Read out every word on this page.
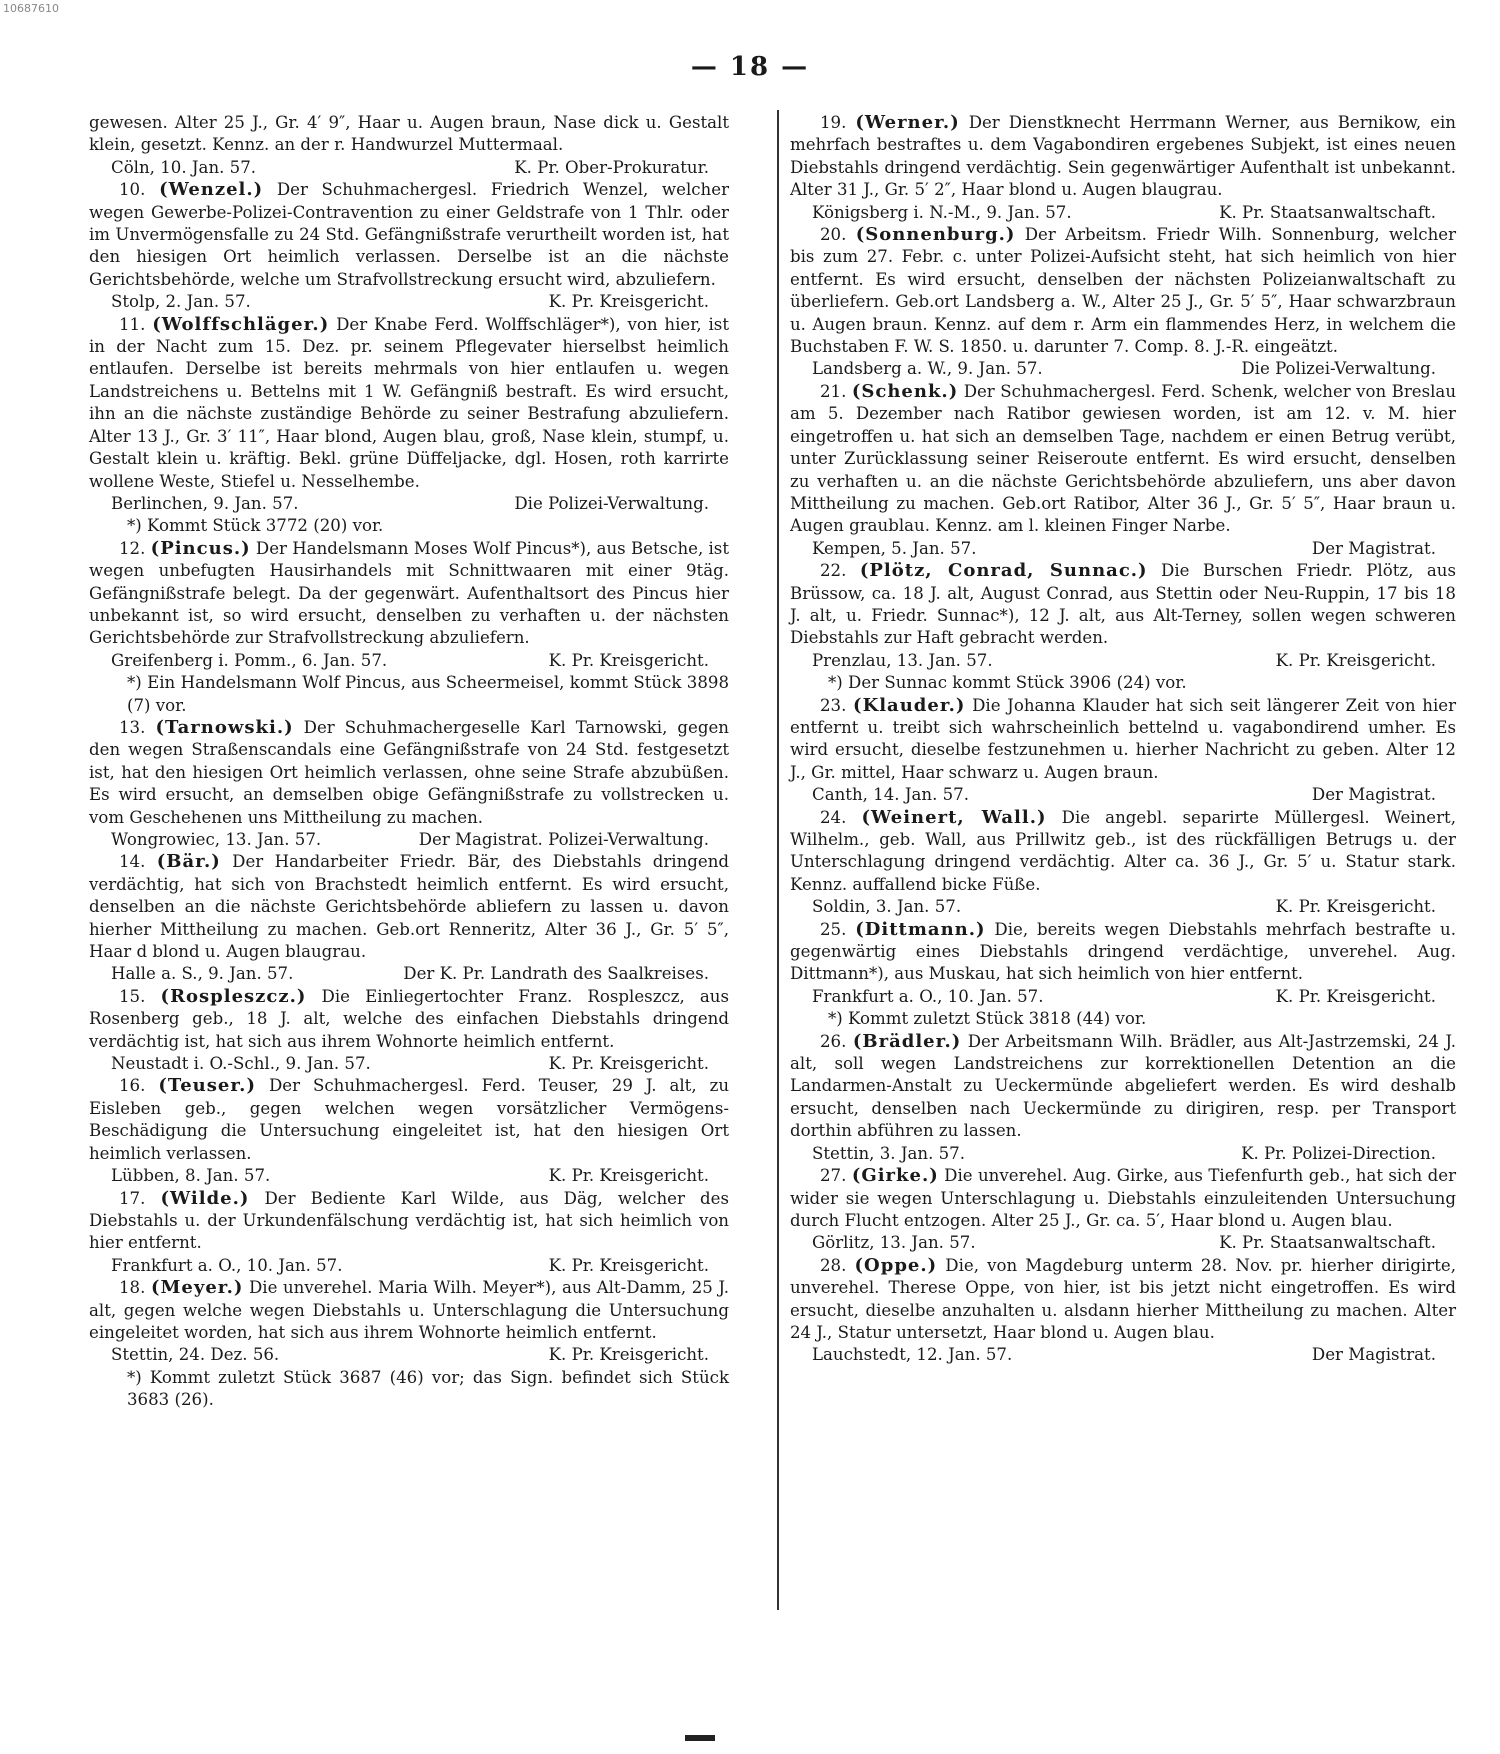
10687610
— 18 —

gewesen. Alter 25 J., Gr. 4′ 9″, Haar u. Augen braun, Nase dick u. Gestalt klein, gesetzt. Kennz. an der r. Handwurzel Muttermaal.

Cöln, 10. Jan. 57.	K. Pr. Ober-Prokuratur.

10. (Wenzel.) Der Schuhmachergesl. Friedrich Wenzel, welcher wegen Gewerbe-Polizei-Contravention zu einer Geldstrafe von 1 Thlr. oder im Unvermögensfalle zu 24 Std. Gefängnißstrafe verurtheilt worden ist, hat den hiesigen Ort heimlich verlassen. Derselbe ist an die nächste Gerichtsbehörde, welche um Strafvollstreckung ersucht wird, abzuliefern.

Stolp, 2. Jan. 57.	K. Pr. Kreisgericht.

11. (Wolffschläger.) Der Knabe Ferd. Wolffschläger*), von hier, ist in der Nacht zum 15. Dez. pr. seinem Pflegevater hierselbst heimlich entlaufen. Derselbe ist bereits mehrmals von hier entlaufen u. wegen Landstreichens u. Bettelns mit 1 W. Gefängniß bestraft. Es wird ersucht, ihn an die nächste zuständige Behörde zu seiner Bestrafung abzuliefern. Alter 13 J., Gr. 3′ 11″, Haar blond, Augen blau, groß, Nase klein, stumpf, u. Gestalt klein u. kräftig. Bekl. grüne Düffeljacke, dgl. Hosen, roth karrirte wollene Weste, Stiefel u. Nesselhembe.

Berlinchen, 9. Jan. 57.	Die Polizei-Verwaltung.
*) Kommt Stück 3772 (20) vor.

12. (Pincus.) Der Handelsmann Moses Wolf Pincus*), aus Betsche, ist wegen unbefugten Hausirhandels mit Schnittwaaren mit einer 9täg. Gefängnißstrafe belegt. Da der gegenwärt. Aufenthaltsort des Pincus hier unbekannt ist, so wird ersucht, denselben zu verhaften u. der nächsten Gerichtsbehörde zur Strafvollstreckung abzuliefern.

Greifenberg i. Pomm., 6. Jan. 57.	K. Pr. Kreisgericht.
*) Ein Handelsmann Wolf Pincus, aus Scheermeisel, kommt Stück 3898 (7) vor.

13. (Tarnowski.) Der Schuhmachergeselle Karl Tarnowski, gegen den wegen Straßenscandals eine Gefängnißstrafe von 24 Std. festgesetzt ist, hat den hiesigen Ort heimlich verlassen, ohne seine Strafe abzubüßen. Es wird ersucht, an demselben obige Gefängnißstrafe zu vollstrecken u. vom Geschehenen uns Mittheilung zu machen.

Wongrowiec, 13. Jan. 57.	Der Magistrat. Polizei-Verwaltung.

14. (Bär.) Der Handarbeiter Friedr. Bär, des Diebstahls dringend verdächtig, hat sich von Brachstedt heimlich entfernt. Es wird ersucht, denselben an die nächste Gerichtsbehörde abliefern zu lassen u. davon hierher Mittheilung zu machen. Geb.ort Renneritz, Alter 36 J., Gr. 5′ 5″, Haar d blond u. Augen blaugrau.

Halle a. S., 9. Jan. 57.	Der K. Pr. Landrath des Saalkreises.

15. (Rospleszcz.) Die Einliegertochter Franz. Rospleszcz, aus Rosenberg geb., 18 J. alt, welche des einfachen Diebstahls dringend verdächtig ist, hat sich aus ihrem Wohnorte heimlich entfernt.

Neustadt i. O.-Schl., 9. Jan. 57.	K. Pr. Kreisgericht.

16. (Teuser.) Der Schuhmachergesl. Ferd. Teuser, 29 J. alt, zu Eisleben geb., gegen welchen wegen vorsätzlicher Vermögens-Beschädigung die Untersuchung eingeleitet ist, hat den hiesigen Ort heimlich verlassen.

Lübben, 8. Jan. 57.	K. Pr. Kreisgericht.

17. (Wilde.) Der Bediente Karl Wilde, aus Däg, welcher des Diebstahls u. der Urkundenfälschung verdächtig ist, hat sich heimlich von hier entfernt.

Frankfurt a. O., 10. Jan. 57.	K. Pr. Kreisgericht.

18. (Meyer.) Die unverehel. Maria Wilh. Meyer*), aus Alt-Damm, 25 J. alt, gegen welche wegen Diebstahls u. Unterschlagung die Untersuchung eingeleitet worden, hat sich aus ihrem Wohnorte heimlich entfernt.

Stettin, 24. Dez. 56.	K. Pr. Kreisgericht.
*) Kommt zuletzt Stück 3687 (46) vor; das Sign. befindet sich Stück 3683 (26).

19. (Werner.) Der Dienstknecht Herrmann Werner, aus Bernikow, ein mehrfach bestraftes u. dem Vagabondiren ergebenes Subjekt, ist eines neuen Diebstahls dringend verdächtig. Sein gegenwärtiger Aufenthalt ist unbekannt. Alter 31 J., Gr. 5′ 2″, Haar blond u. Augen blaugrau.

Königsberg i. N.-M., 9. Jan. 57.	K. Pr. Staatsanwaltschaft.

20. (Sonnenburg.) Der Arbeitsm. Friedr Wilh. Sonnenburg, welcher bis zum 27. Febr. c. unter Polizei-Aufsicht steht, hat sich heimlich von hier entfernt. Es wird ersucht, denselben der nächsten Polizeianwaltschaft zu überliefern. Geb.ort Landsberg a. W., Alter 25 J., Gr. 5′ 5″, Haar schwarzbraun u. Augen braun. Kennz. auf dem r. Arm ein flammendes Herz, in welchem die Buchstaben F. W. S. 1850. u. darunter 7. Comp. 8. J.-R. eingeätzt.

Landsberg a. W., 9. Jan. 57.	Die Polizei-Verwaltung.

21. (Schenk.) Der Schuhmachergesl. Ferd. Schenk, welcher von Breslau am 5. Dezember nach Ratibor gewiesen worden, ist am 12. v. M. hier eingetroffen u. hat sich an demselben Tage, nachdem er einen Betrug verübt, unter Zurücklassung seiner Reiseroute entfernt. Es wird ersucht, denselben zu verhaften u. an die nächste Gerichtsbehörde abzuliefern, uns aber davon Mittheilung zu machen. Geb.ort Ratibor, Alter 36 J., Gr. 5′ 5″, Haar braun u. Augen graublau. Kennz. am l. kleinen Finger Narbe.

Kempen, 5. Jan. 57.	Der Magistrat.

22. (Plötz, Conrad, Sunnac.) Die Burschen Friedr. Plötz, aus Brüssow, ca. 18 J. alt, August Conrad, aus Stettin oder Neu-Ruppin, 17 bis 18 J. alt, u. Friedr. Sunnac*), 12 J. alt, aus Alt-Terney, sollen wegen schweren Diebstahls zur Haft gebracht werden.

Prenzlau, 13. Jan. 57.	K. Pr. Kreisgericht.
*) Der Sunnac kommt Stück 3906 (24) vor.

23. (Klauder.) Die Johanna Klauder hat sich seit längerer Zeit von hier entfernt u. treibt sich wahrscheinlich bettelnd u. vagabondirend umher. Es wird ersucht, dieselbe festzunehmen u. hierher Nachricht zu geben. Alter 12 J., Gr. mittel, Haar schwarz u. Augen braun.

Canth, 14. Jan. 57.	Der Magistrat.

24. (Weinert, Wall.) Die angebl. separirte Müllergesl. Weinert, Wilhelm., geb. Wall, aus Prillwitz geb., ist des rückfälligen Betrugs u. der Unterschlagung dringend verdächtig. Alter ca. 36 J., Gr. 5′ u. Statur stark. Kennz. auffallend bicke Füße.

Soldin, 3. Jan. 57.	K. Pr. Kreisgericht.

25. (Dittmann.) Die, bereits wegen Diebstahls mehrfach bestrafte u. gegenwärtig eines Diebstahls dringend verdächtige, unverehel. Aug. Dittmann*), aus Muskau, hat sich heimlich von hier entfernt.

Frankfurt a. O., 10. Jan. 57.	K. Pr. Kreisgericht.
*) Kommt zuletzt Stück 3818 (44) vor.

26. (Brädler.) Der Arbeitsmann Wilh. Brädler, aus Alt-Jastrzemski, 24 J. alt, soll wegen Landstreichens zur korrektionellen Detention an die Landarmen-Anstalt zu Ueckermünde abgeliefert werden. Es wird deshalb ersucht, denselben nach Ueckermünde zu dirigiren, resp. per Transport dorthin abführen zu lassen.

Stettin, 3. Jan. 57.	K. Pr. Polizei-Direction.

27. (Girke.) Die unverehel. Aug. Girke, aus Tiefenfurth geb., hat sich der wider sie wegen Unterschlagung u. Diebstahls einzuleitenden Untersuchung durch Flucht entzogen. Alter 25 J., Gr. ca. 5′, Haar blond u. Augen blau.

Görlitz, 13. Jan. 57.	K. Pr. Staatsanwaltschaft.

28. (Oppe.) Die, von Magdeburg unterm 28. Nov. pr. hierher dirigirte, unverehel. Therese Oppe, von hier, ist bis jetzt nicht eingetroffen. Es wird ersucht, dieselbe anzuhalten u. alsdann hierher Mittheilung zu machen. Alter 24 J., Statur untersetzt, Haar blond u. Augen blau.

Lauchstedt, 12. Jan. 57.	Der Magistrat.
